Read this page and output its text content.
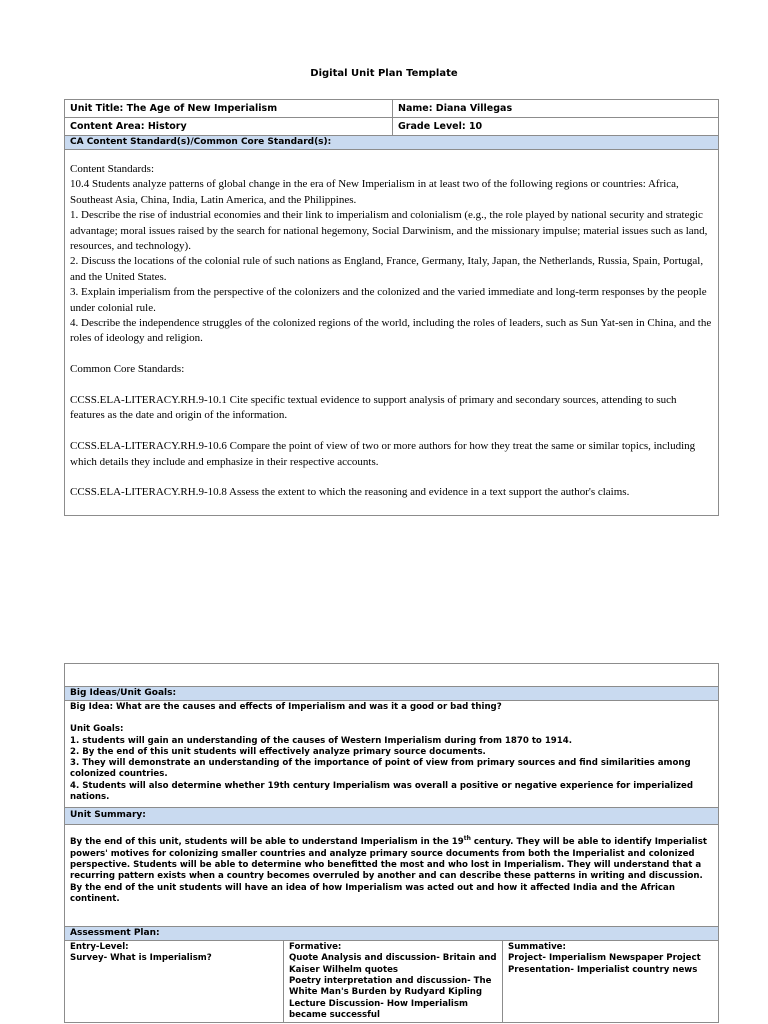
Digital Unit Plan Template
Unit Title: The Age of New Imperialism	Name: Diana Villegas
Content Area: History	Grade Level: 10
CA Content Standard(s)/Common Core Standard(s):

Content Standards:

10.4 Students analyze patterns of global change in the era of New Imperialism in at least two of the following regions or countries: Africa, Southeast Asia, China, India, Latin America, and the Philippines.

1. Describe the rise of industrial economies and their link to imperialism and colonialism (e.g., the role played by national security and strategic advantage; moral issues raised by the search for national hegemony, Social Darwinism, and the missionary impulse; material issues such as land, resources, and technology).

2. Discuss the locations of the colonial rule of such nations as England, France, Germany, Italy, Japan, the Netherlands, Russia, Spain, Portugal, and the United States.

3. Explain imperialism from the perspective of the colonizers and the colonized and the varied immediate and long-term responses by the people under colonial rule.

4. Describe the independence struggles of the colonized regions of the world, including the roles of leaders, such as Sun Yat-sen in China, and the roles of ideology and religion.

Common Core Standards:

CCSS.ELA-LITERACY.RH.9-10.1 Cite specific textual evidence to support analysis of primary and secondary sources, attending to such features as the date and origin of the information.

CCSS.ELA-LITERACY.RH.9-10.6 Compare the point of view of two or more authors for how they treat the same or similar topics, including which details they include and emphasize in their respective accounts.

CCSS.ELA-LITERACY.RH.9-10.8 Assess the extent to which the reasoning and evidence in a text support the author's claims.

Big Ideas/Unit Goals:

Big Idea: What are the causes and effects of Imperialism and was it a good or bad thing?

Unit Goals:

1. students will gain an understanding of the causes of Western Imperialism during from 1870 to 1914.

2. By the end of this unit students will effectively analyze primary source documents.

3. They will demonstrate an understanding of the importance of point of view from primary sources and find similarities among colonized countries.

4. Students will also determine whether 19th century Imperialism was overall a positive or negative experience for imperialized nations.

Unit Summary:

By the end of this unit, students will be able to understand Imperialism in the 19th century. They will be able to identify Imperialist powers' motives for colonizing smaller countries and analyze primary source documents from both the Imperialist and colonized perspective. Students will be able to determine who benefitted the most and who lost in Imperialism. They will understand that a recurring pattern exists when a country becomes overruled by another and can describe these patterns in writing and discussion. By the end of the unit students will have an idea of how Imperialism was acted out and how it affected India and the African continent.

Assessment Plan:

Entry-Level:

Survey- What is Imperialism?

Formative:

Quote Analysis and discussion- Britain and Kaiser Wilhelm quotes

Poetry interpretation and discussion- The White Man's Burden by Rudyard Kipling

Lecture Discussion- How Imperialism became successful

Summative:

Project- Imperialism Newspaper Project

Presentation- Imperialist country news
